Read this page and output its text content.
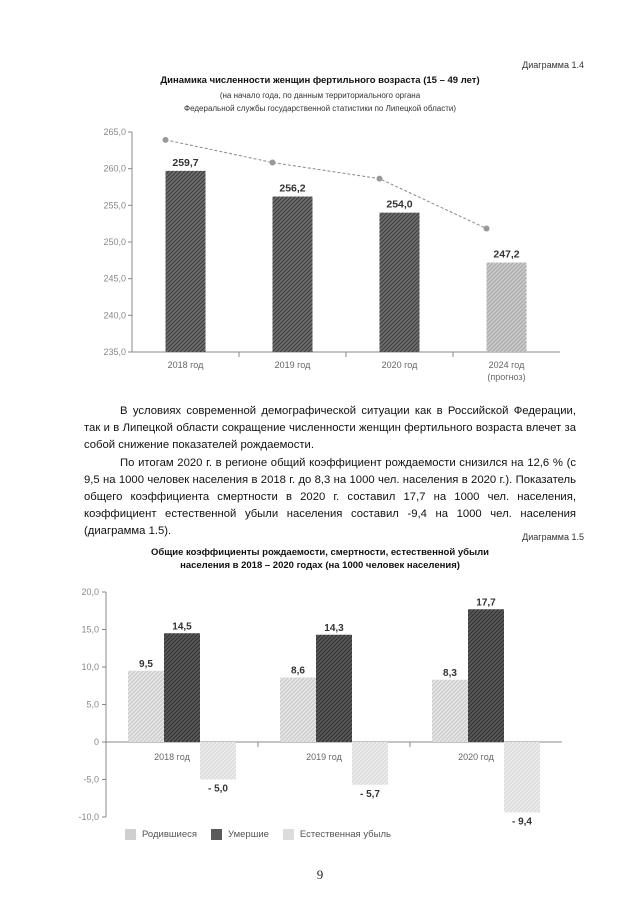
Диаграмма 1.4
Динамика численности женщин фертильного возраста (15 – 49 лет)
(на начало года, по данным территориального органа
Федеральной службы государственной статистики по Липецкой области)
235,0
240,0
245,0
250,0
255,0
260,0
265,0
259,7
2018 год
256,2
2019 год
254,0
2020 год
247,2
2024 год
(прогноз)

В условиях современной демографической ситуации как в Российской Федерации, так и в Липецкой области сокращение численности женщин фертильного возраста влечет за собой снижение показателей рождаемости.

По итогам 2020 г. в регионе общий коэффициент рождаемости снизился на 12,6 % (с 9,5 на 1000 человек населения в 2018 г. до 8,3 на 1000 чел. населения в 2020 г.). Показатель общего коэффициента смертности в 2020 г. составил 17,7 на 1000 чел. населения, коэффициент естественной убыли населения составил -9,4 на 1000 чел. населения (диаграмма 1.5).	Диаграмма 1.5
Общие коэффициенты рождаемости, смертности, естественной убыли
населения в 2018 – 2020 годах (на 1000 человек населения)
-10,0
-5,0
0
5,0
10,0
15,0
20,0
2018 год
9,5
14,5
- 5,0
2019 год
8,6
14,3
- 5,7
2020 год
8,3
17,7
- 9,4
Родившиеся	Умершие	Естественная убыль
9
